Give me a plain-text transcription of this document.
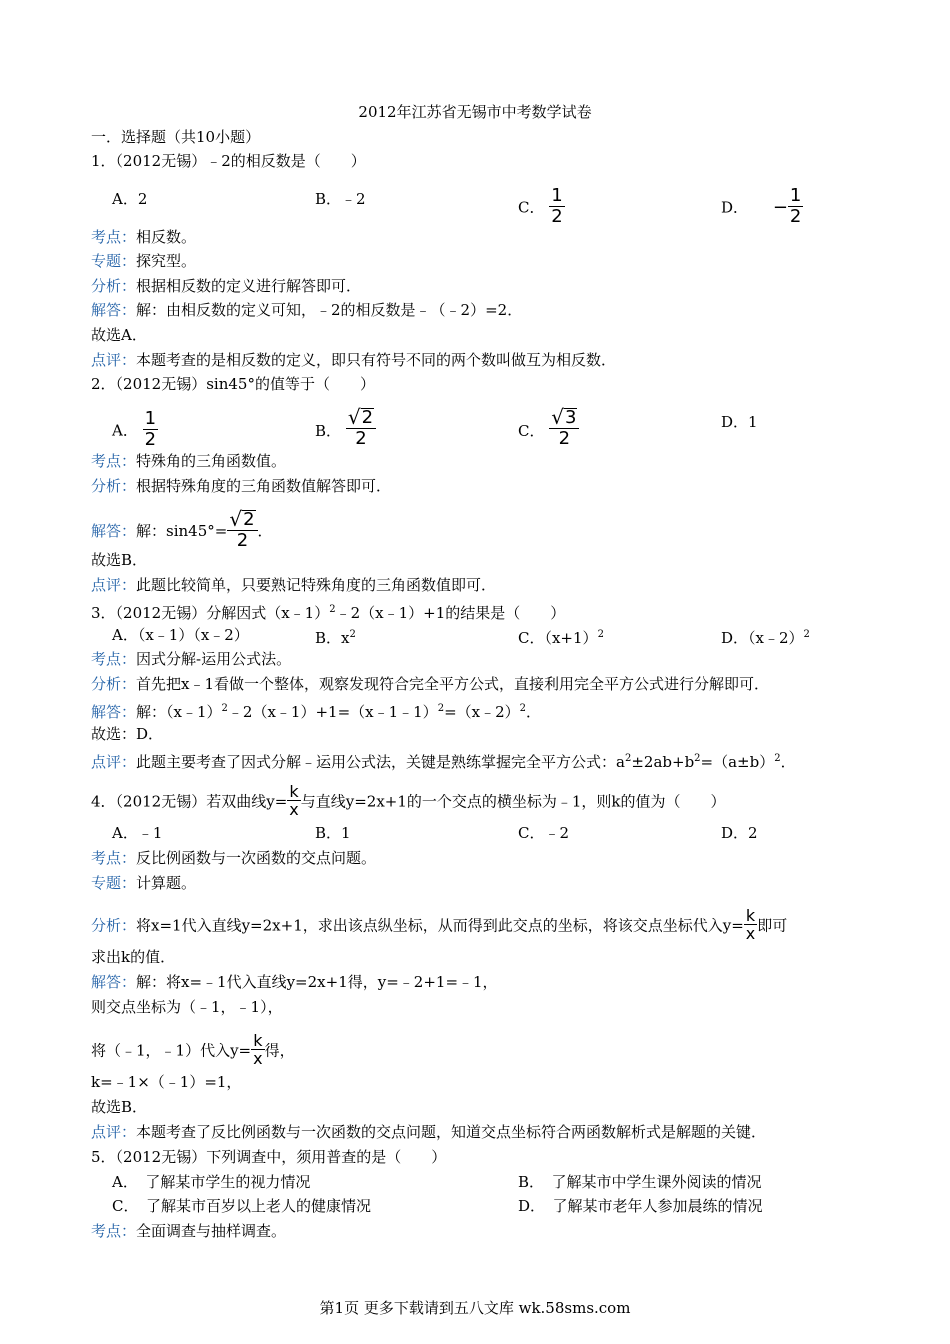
2012年江苏省无锡市中考数学试卷
一．选择题（共10小题）
1．（2012无锡）﹣2的相反数是（　　）
A．2	B．﹣2	C． $\frac{1}{2}$	D． − $\frac{1}{2}$
考点：相反数。
专题：探究型。
分析：根据相反数的定义进行解答即可．
解答：解：由相反数的定义可知，﹣2的相反数是﹣（﹣2）=2．
故选A．
点评：本题考查的是相反数的定义，即只有符号不同的两个数叫做互为相反数．
2．（2012无锡）sin45°的值等于（　　）
A． $\frac{1}{2}$	B． $\frac{√ 2}{2}$	C． $\frac{√ 3}{2}$	D．1
考点：特殊角的三角函数值。
分析：根据特殊角度的三角函数值解答即可．
解答：解：$\sin 45^\circ= \frac{√ 2}{2}$ ．
故选B．
点评：此题比较简单，只要熟记特殊角度的三角函数值即可．
3．（2012无锡）分解因式（x﹣1）$^2$﹣2（x﹣1）+1的结果是（　　）
A．（x﹣1）（x﹣2）	B．$x^2$	C．$(x+1)^2$	D．（x﹣2）$^2$
考点：因式分解-运用公式法。
分析：首先把x﹣1看做一个整体，观察发现符合完全平方公式，直接利用完全平方公式进行分解即可．
解答：解：（x﹣1）$^2$﹣2（x﹣1）+1=（x﹣1﹣1）$^2$=（x﹣2）$^2$．
故选：D．
点评：此题主要考查了因式分解﹣运用公式法，关键是熟练掌握完全平方公式：$a^2\pm 2ab+b^2=(a\pm b)^2$．
4．（2012无锡）若双曲线$y= \frac{k}{x}$ 与直线y=2x+1的一个交点的横坐标为﹣1，则k的值为（　　）
A．﹣1	B．1	C．﹣2	D．2
考点：反比例函数与一次函数的交点问题。
专题：计算题。
分析：将x=1代入直线y=2x+1，求出该点纵坐标，从而得到此交点的坐标，将该交点坐标代入$y= \frac{k}{x}$ 即可
求出k的值．
解答：解：将x=﹣1代入直线y=2x+1得，y=﹣2+1=﹣1，
则交点坐标为（﹣1，﹣1），
将（﹣1，﹣1）代入$y= \frac{k}{x}$ 得，
k=﹣1×（﹣1）=1，
故选B．
点评：本题考查了反比例函数与一次函数的交点问题，知道交点坐标符合两函数解析式是解题的关键．
5．（2012无锡）下列调查中，须用普查的是（　　）
A．　了解某市学生的视力情况	B．　了解某市中学生课外阅读的情况
C．　了解某市百岁以上老人的健康情况	D．　了解某市老年人参加晨练的情况
考点：全面调查与抽样调查。
第1页 更多下载请到五八文库 wk.58sms.com
